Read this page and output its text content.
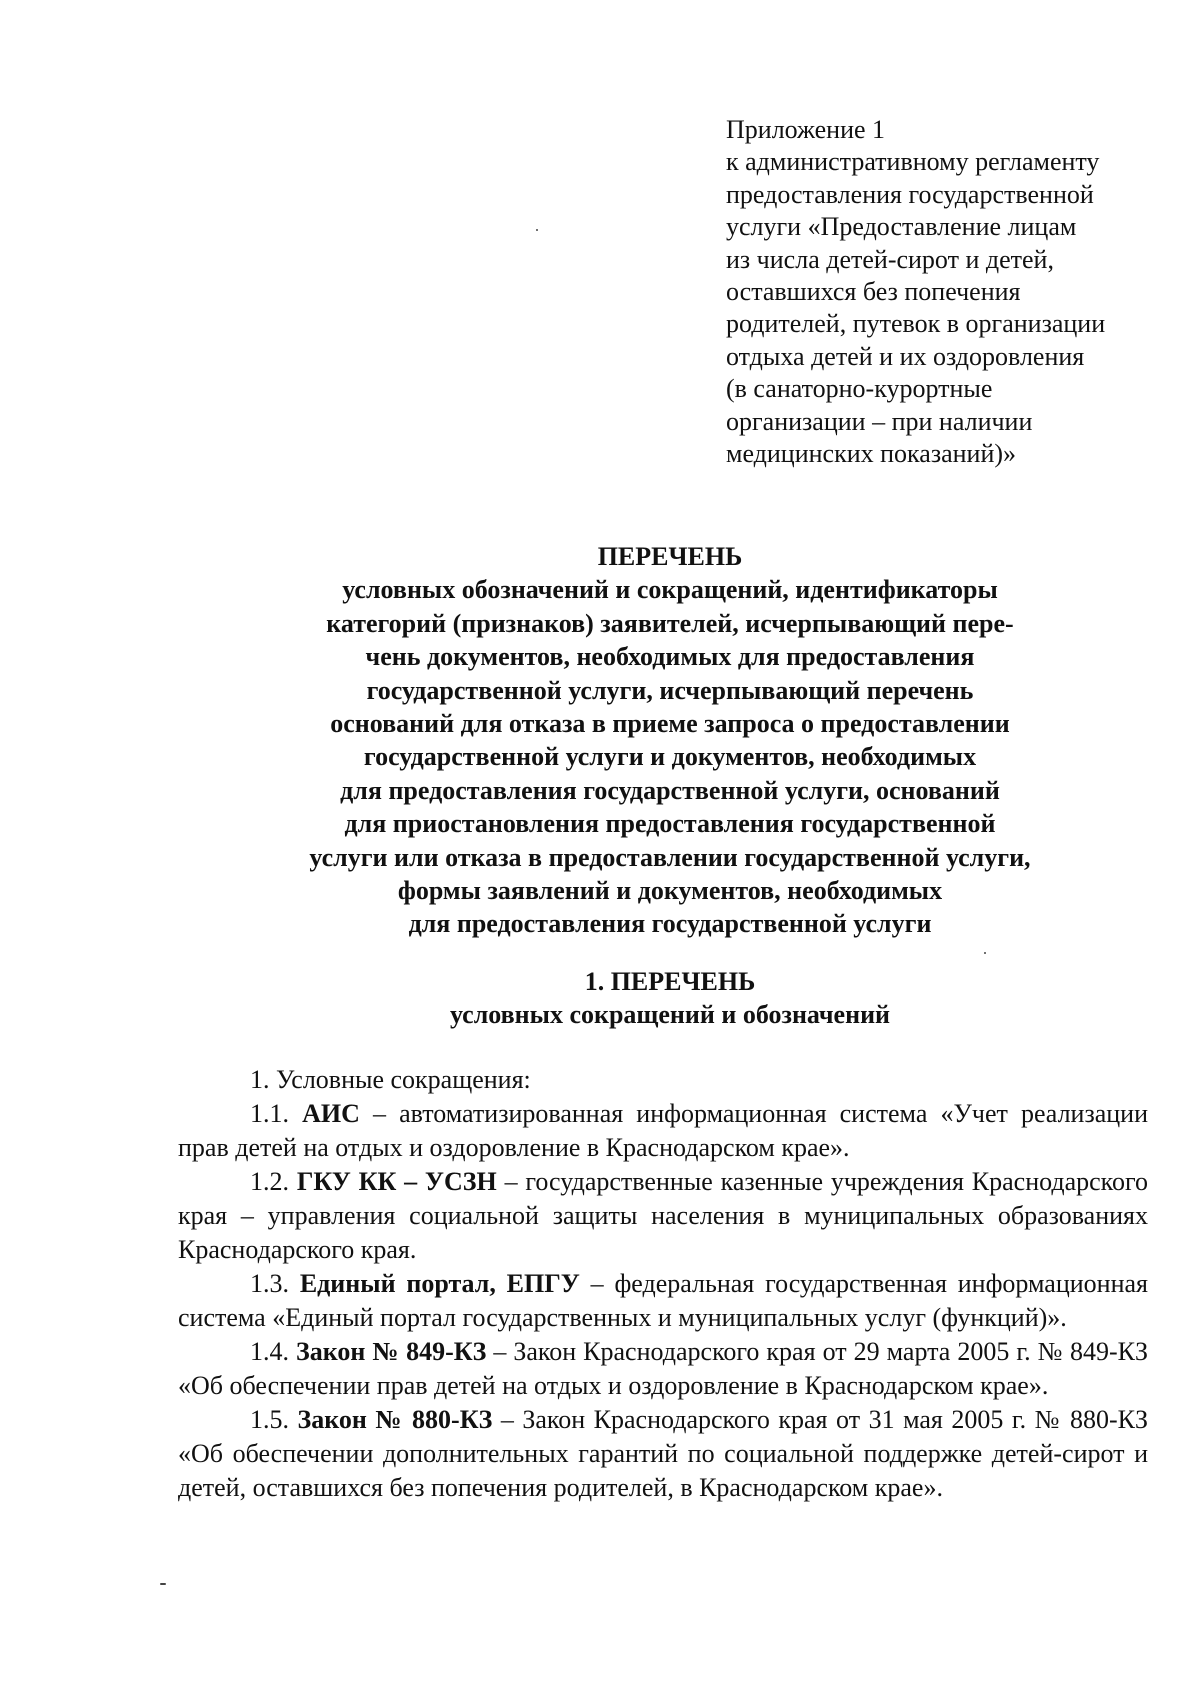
Приложение 1
к административному регламенту
предоставления государственной
услуги «Предоставление лицам
из числа детей-сирот и детей,
оставшихся без попечения
родителей, путевок в организации
отдыха детей и их оздоровления
(в санаторно-курортные
организации – при наличии
медицинских показаний)»
ПЕРЕЧЕНЬ
условных обозначений и сокращений, идентификаторы
категорий (признаков) заявителей, исчерпывающий пере-
чень документов, необходимых для предоставления
государственной услуги, исчерпывающий перечень
оснований для отказа в приеме запроса о предоставлении
государственной услуги и документов, необходимых
для предоставления государственной услуги, оснований
для приостановления предоставления государственной
услуги или отказа в предоставлении государственной услуги,
формы заявлений и документов, необходимых
для предоставления государственной услуги
1. ПЕРЕЧЕНЬ
условных сокращений и обозначений

1. Условные сокращения:

1.1. АИС – автоматизированная информационная система «Учет реализации прав детей на отдых и оздоровление в Краснодарском крае».

1.2. ГКУ КК – УСЗН – государственные казенные учреждения Краснодарского края – управления социальной защиты населения в муниципальных образованиях Краснодарского края.

1.3. Единый портал, ЕПГУ – федеральная государственная информационная система «Единый портал государственных и муниципальных услуг (функций)».

1.4. Закон № 849-КЗ – Закон Краснодарского края от 29 марта 2005 г. № 849-КЗ «Об обеспечении прав детей на отдых и оздоровление в Краснодарском крае».

1.5. Закон № 880-КЗ – Закон Краснодарского края от 31 мая 2005 г. № 880-КЗ «Об обеспечении дополнительных гарантий по социальной поддержке детей-сирот и детей, оставшихся без попечения родителей, в Краснодарском крае».
